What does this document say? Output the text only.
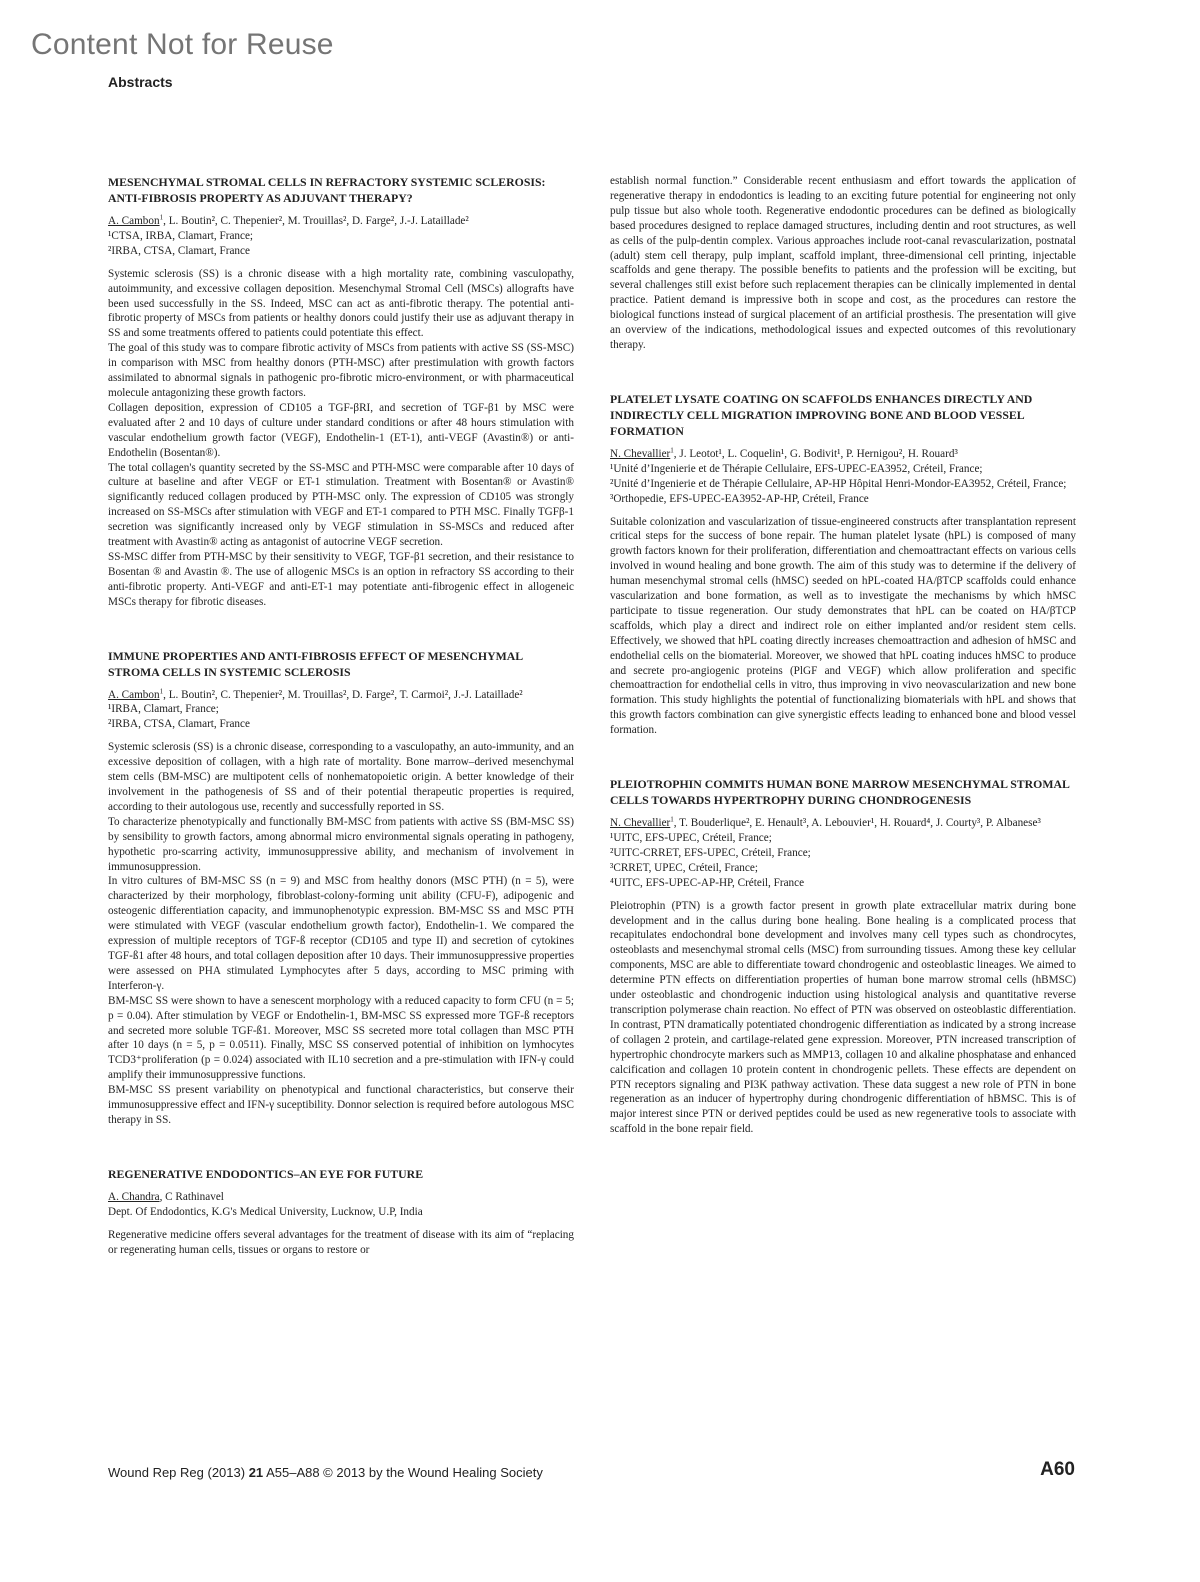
Content Not for Reuse
Abstracts
MESENCHYMAL STROMAL CELLS IN REFRACTORY SYSTEMIC SCLEROSIS: ANTI-FIBROSIS PROPERTY AS ADJUVANT THERAPY?

A. Cambon$^1$, L. Boutin², C. Thepenier², M. Trouillas², D. Farge², J.-J. Lataillade²

¹CTSA, IRBA, Clamart, France;

²IRBA, CTSA, Clamart, France

Systemic sclerosis (SS) is a chronic disease with a high mortality rate, combining vasculopathy, autoimmunity, and excessive collagen deposition. Mesenchymal Stromal Cell (MSCs) allografts have been used successfully in the SS. Indeed, MSC can act as anti-fibrotic therapy. The potential anti-fibrotic property of MSCs from patients or healthy donors could justify their use as adjuvant therapy in SS and some treatments offered to patients could potentiate this effect.

The goal of this study was to compare fibrotic activity of MSCs from patients with active SS (SS-MSC) in comparison with MSC from healthy donors (PTH-MSC) after prestimulation with growth factors assimilated to abnormal signals in pathogenic pro-fibrotic micro-environment, or with pharmaceutical molecule antagonizing these growth factors.

Collagen deposition, expression of CD105 a TGF-βRI, and secretion of TGF-β1 by MSC were evaluated after 2 and 10 days of culture under standard conditions or after 48 hours stimulation with vascular endothelium growth factor (VEGF), Endothelin-1 (ET-1), anti-VEGF (Avastin®) or anti-Endothelin (Bosentan®).

The total collagen's quantity secreted by the SS-MSC and PTH-MSC were comparable after 10 days of culture at baseline and after VEGF or ET-1 stimulation. Treatment with Bosentan® or Avastin® significantly reduced collagen produced by PTH-MSC only. The expression of CD105 was strongly increased on SS-MSCs after stimulation with VEGF and ET-1 compared to PTH MSC. Finally TGFβ-1 secretion was significantly increased only by VEGF stimulation in SS-MSCs and reduced after treatment with Avastin® acting as antagonist of autocrine VEGF secretion.

SS-MSC differ from PTH-MSC by their sensitivity to VEGF, TGF-β1 secretion, and their resistance to Bosentan ® and Avastin ®. The use of allogenic MSCs is an option in refractory SS according to their anti-fibrotic property. Anti-VEGF and anti-ET-1 may potentiate anti-fibrogenic effect in allogeneic MSCs therapy for fibrotic diseases.

IMMUNE PROPERTIES AND ANTI-FIBROSIS EFFECT OF MESENCHYMAL STROMA CELLS IN SYSTEMIC SCLEROSIS

A. Cambon$^1$, L. Boutin², C. Thepenier², M. Trouillas², D. Farge², T. Carmoi², J.-J. Lataillade²

¹IRBA, Clamart, France;

²IRBA, CTSA, Clamart, France

Systemic sclerosis (SS) is a chronic disease, corresponding to a vasculopathy, an auto-immunity, and an excessive deposition of collagen, with a high rate of mortality. Bone marrow–derived mesenchymal stem cells (BM-MSC) are multipotent cells of nonhematopoietic origin. A better knowledge of their involvement in the pathogenesis of SS and of their potential therapeutic properties is required, according to their autologous use, recently and successfully reported in SS.

To characterize phenotypically and functionally BM-MSC from patients with active SS (BM-MSC SS) by sensibility to growth factors, among abnormal micro environmental signals operating in pathogeny, hypothetic pro-scarring activity, immunosuppressive ability, and mechanism of involvement in immunosuppression.

In vitro cultures of BM-MSC SS (n = 9) and MSC from healthy donors (MSC PTH) (n = 5), were characterized by their morphology, fibroblast-colony-forming unit ability (CFU-F), adipogenic and osteogenic differentiation capacity, and immunophenotypic expression. BM-MSC SS and MSC PTH were stimulated with VEGF (vascular endothelium growth factor), Endothelin-1. We compared the expression of multiple receptors of TGF-ß receptor (CD105 and type II) and secretion of cytokines TGF-ß1 after 48 hours, and total collagen deposition after 10 days. Their immunosuppressive properties were assessed on PHA stimulated Lymphocytes after 5 days, according to MSC priming with Interferon-γ.

BM-MSC SS were shown to have a senescent morphology with a reduced capacity to form CFU (n = 5; p = 0.04). After stimulation by VEGF or Endothelin-1, BM-MSC SS expressed more TGF-ß receptors and secreted more soluble TGF-ß1. Moreover, MSC SS secreted more total collagen than MSC PTH after 10 days (n = 5, p = 0.0511). Finally, MSC SS conserved potential of inhibition on lymhocytes TCD3⁺proliferation (p = 0.024) associated with IL10 secretion and a pre-stimulation with IFN-γ could amplify their immunosuppressive functions.

BM-MSC SS present variability on phenotypical and functional characteristics, but conserve their immunosuppressive effect and IFN-γ suceptibility. Donnor selection is required before autologous MSC therapy in SS.

REGENERATIVE ENDODONTICS–AN EYE FOR FUTURE

A. Chandra, C Rathinavel

Dept. Of Endodontics, K.G's Medical University, Lucknow, U.P, India

Regenerative medicine offers several advantages for the treatment of disease with its aim of “replacing or regenerating human cells, tissues or organs to restore or

establish normal function.” Considerable recent enthusiasm and effort towards the application of regenerative therapy in endodontics is leading to an exciting future potential for engineering not only pulp tissue but also whole tooth. Regenerative endodontic procedures can be defined as biologically based procedures designed to replace damaged structures, including dentin and root structures, as well as cells of the pulp-dentin complex. Various approaches include root-canal revascularization, postnatal (adult) stem cell therapy, pulp implant, scaffold implant, three-dimensional cell printing, injectable scaffolds and gene therapy. The possible benefits to patients and the profession will be exciting, but several challenges still exist before such replacement therapies can be clinically implemented in dental practice. Patient demand is impressive both in scope and cost, as the procedures can restore the biological functions instead of surgical placement of an artificial prosthesis. The presentation will give an overview of the indications, methodological issues and expected outcomes of this revolutionary therapy.

PLATELET LYSATE COATING ON SCAFFOLDS ENHANCES DIRECTLY AND INDIRECTLY CELL MIGRATION IMPROVING BONE AND BLOOD VESSEL FORMATION

N. Chevallier$^1$, J. Leotot¹, L. Coquelin¹, G. Bodivit¹, P. Hernigou², H. Rouard³

¹Unité d’Ingenierie et de Thérapie Cellulaire, EFS-UPEC-EA3952, Créteil, France;

²Unité d’Ingenierie et de Thérapie Cellulaire, AP-HP Hôpital Henri-Mondor-EA3952, Créteil, France;

³Orthopedie, EFS-UPEC-EA3952-AP-HP, Créteil, France

Suitable colonization and vascularization of tissue-engineered constructs after transplantation represent critical steps for the success of bone repair. The human platelet lysate (hPL) is composed of many growth factors known for their proliferation, differentiation and chemoattractant effects on various cells involved in wound healing and bone growth. The aim of this study was to determine if the delivery of human mesenchymal stromal cells (hMSC) seeded on hPL-coated HA/βTCP scaffolds could enhance vascularization and bone formation, as well as to investigate the mechanisms by which hMSC participate to tissue regeneration. Our study demonstrates that hPL can be coated on HA/βTCP scaffolds, which play a direct and indirect role on either implanted and/or resident stem cells. Effectively, we showed that hPL coating directly increases chemoattraction and adhesion of hMSC and endothelial cells on the biomaterial. Moreover, we showed that hPL coating induces hMSC to produce and secrete pro-angiogenic proteins (PlGF and VEGF) which allow proliferation and specific chemoattraction for endothelial cells in vitro, thus improving in vivo neovascularization and new bone formation. This study highlights the potential of functionalizing biomaterials with hPL and shows that this growth factors combination can give synergistic effects leading to enhanced bone and blood vessel formation.

PLEIOTROPHIN COMMITS HUMAN BONE MARROW MESENCHYMAL STROMAL CELLS TOWARDS HYPERTROPHY DURING CHONDROGENESIS

N. Chevallier$^1$, T. Bouderlique², E. Henault³, A. Lebouvier¹, H. Rouard⁴, J. Courty³, P. Albanese³

¹UITC, EFS-UPEC, Créteil, France;

²UITC-CRRET, EFS-UPEC, Créteil, France;

³CRRET, UPEC, Créteil, France;

⁴UITC, EFS-UPEC-AP-HP, Créteil, France

Pleiotrophin (PTN) is a growth factor present in growth plate extracellular matrix during bone development and in the callus during bone healing. Bone healing is a complicated process that recapitulates endochondral bone development and involves many cell types such as chondrocytes, osteoblasts and mesenchymal stromal cells (MSC) from surrounding tissues. Among these key cellular components, MSC are able to differentiate toward chondrogenic and osteoblastic lineages. We aimed to determine PTN effects on differentiation properties of human bone marrow stromal cells (hBMSC) under osteoblastic and chondrogenic induction using histological analysis and quantitative reverse transcription polymerase chain reaction. No effect of PTN was observed on osteoblastic differentiation. In contrast, PTN dramatically potentiated chondrogenic differentiation as indicated by a strong increase of collagen 2 protein, and cartilage-related gene expression. Moreover, PTN increased transcription of hypertrophic chondrocyte markers such as MMP13, collagen 10 and alkaline phosphatase and enhanced calcification and collagen 10 protein content in chondrogenic pellets. These effects are dependent on PTN receptors signaling and PI3K pathway activation. These data suggest a new role of PTN in bone regeneration as an inducer of hypertrophy during chondrogenic differentiation of hBMSC. This is of major interest since PTN or derived peptides could be used as new regenerative tools to associate with scaffold in the bone repair field.

Wound Rep Reg (2013) 21 A55–A88 © 2013 by the Wound Healing Society	A60
